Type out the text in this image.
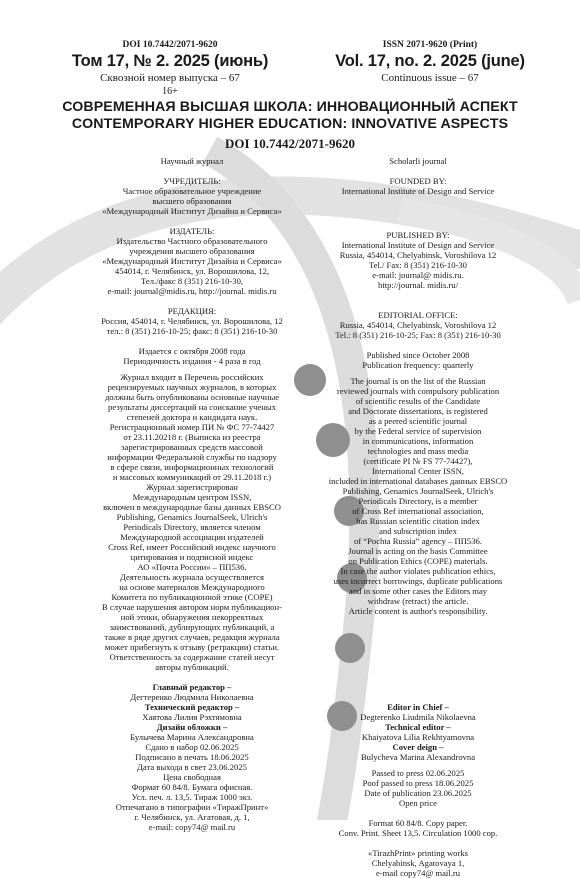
DOI 10.7442/2071-9620
Том 17, № 2. 2025 (июнь)
Сквозной номер выпуска – 67
16+
ISSN 2071-9620 (Print)
Vol. 17, no. 2. 2025 (june)
Continuous issue – 67
СОВРЕМЕННАЯ ВЫСШАЯ ШКОЛА: ИННОВАЦИОННЫЙ АСПЕКТ
CONTEMPORARY HIGHER EDUCATION: INNOVATIVE ASPECTS
DOI 10.7442/2071-9620
Научный журнал
УЧРЕДИТЕЛЬ:
Частное образовательное учреждение
высшего образования
«Международный Институт Дизайна и Сервиса»
ИЗДАТЕЛЬ:
Издательство Частного образовательного
учреждения высшего образования
«Международный Институт Дизайна и Сервиса»
454014, г. Челябинск, ул. Ворошилова, 12,
Тел./факс 8 (351) 216-10-30,
e-mail: journal@midis.ru, http://journal. midis.ru
РЕДАКЦИЯ:
Россия, 454014, г. Челябинск, ул. Ворошилова, 12
тел.: 8 (351) 216-10-25; факс: 8 (351) 216-10-30
Издается с октября 2008 года
Периодичность издания - 4 раза в год
Журнал входит в Перечень российских
рецензируемых научных журналов, в которых
должны быть опубликованы основные научные
результаты диссертаций на соискание ученых
степеней доктора и кандидата наук.
Регистрационный номер ПИ № ФС 77-74427
от 23.11.20218 г. (Выписка из реестра
зарегистрированных средств массовой
информации Федеральной службы по надзору
в сфере связи, информационных технологий
и массовых коммуникаций от 29.11.2018 г.)
Журнал зарегистрирован
Международным центром ISSN,
включен в международные базы данных EBSCO
Publishing, Genamics JournalSeek, Ulrich's
Periodicals Directory, является членом
Международной ассоциации издателей
Cross Ref, имеет Российский индекс научного
цитирования и подписной индекс
АО «Почта России» – ПП536.
Деятельность журнала осуществляется
на основе материалов Международного
Комитета по публикационной этике (COPE)
В случае нарушения автором норм публикацион-
ной этики, обнаружения некорректных
заимствований, дублирующих публикаций, а
также в ряде других случаев, редакция журнала
может прибегнуть к отзыву (ретракции) статьи.
Ответственность за содержание статей несут
авторы публикаций.
Главный редактор –
Дегтеренко Людмила Николаевна
Технический редактор –
Хаятова Лилия Рэхтямовна
Дизайн обложки –
Булычева Марина Александровна
Сдано в набор 02.06.2025
Подписано в печать 18.06.2025
Дата выхода в свет 23.06.2025
Цена свободная
Формат 60 84/8. Бумага офисная.
Усл. печ. л. 13,5. Тираж 1000 экз.
Отпечатано в типографии «ТиражПринт»
г. Челябинск, ул. Агатовая, д. 1,
e-mail: copy74@ mail.ru
Scholarli journal
FOUNDED BY:
International Institute of Design and Service
PUBLISHED BY:
International Institute of Design and Service
Russia, 454014, Chelyabinsk, Voroshilova 12
Tel./ Fax: 8 (351) 216-10-30
e-mail: journal@ midis.ru.
http://journal. midis.ru/
EDITORIAL OFFICE:
Russia, 454014, Chelyabinsk, Voroshilova 12
Tel.: 8 (351) 216-10-25; Fax: 8 (351) 216-10-30
Published since October 2008
Publication frequency: quarterly
The journal is on the list of the Russian
reviewed journals with compulsory publication
of scientific results of the Candidate
and Doctorate dissertations, is registered
as a peered scientific journal
by the Federal service of supervision
in communications, information
technologies and mass media
(certificate PI № FS 77-74427),
International Center ISSN,
included in international databases данных EBSCO
Publishing, Genamics JournalSeek, Ulrich's
Periodicals Directory, is a member
of Cross Ref international association,
has Russian scientific citation index
and subscription index
of “Pochta Russia” agency – ПП536.
Journal is acting on the basis Committee
on Publication Ethics (COPE) materials.
In case the author violates publication ethics,
uses incorrect borrowings, duplicate publications
and in some other cases the Editors may
withdraw (retract) the article.
Article content is author's responsibility.
Editor in Chief –
Degterenko Liudmila Nikolaevna
Technical editor –
Khaiyatova Lilia Rekhtyamovna
Cover deign –
Bulycheva Marina Alexandrovna
Passed to press 02.06.2025
Poof passed to press 18.06.2025
Date of publication 23.06.2025
Open price
Format 60 84/8. Copy paper.
Conv. Print. Sheet 13,5. Circulation 1000 сор.
«TirazhPrint» printing works
Chelyabinsk, Agatovaya 1,
e-mail copy74@ mail.ru
